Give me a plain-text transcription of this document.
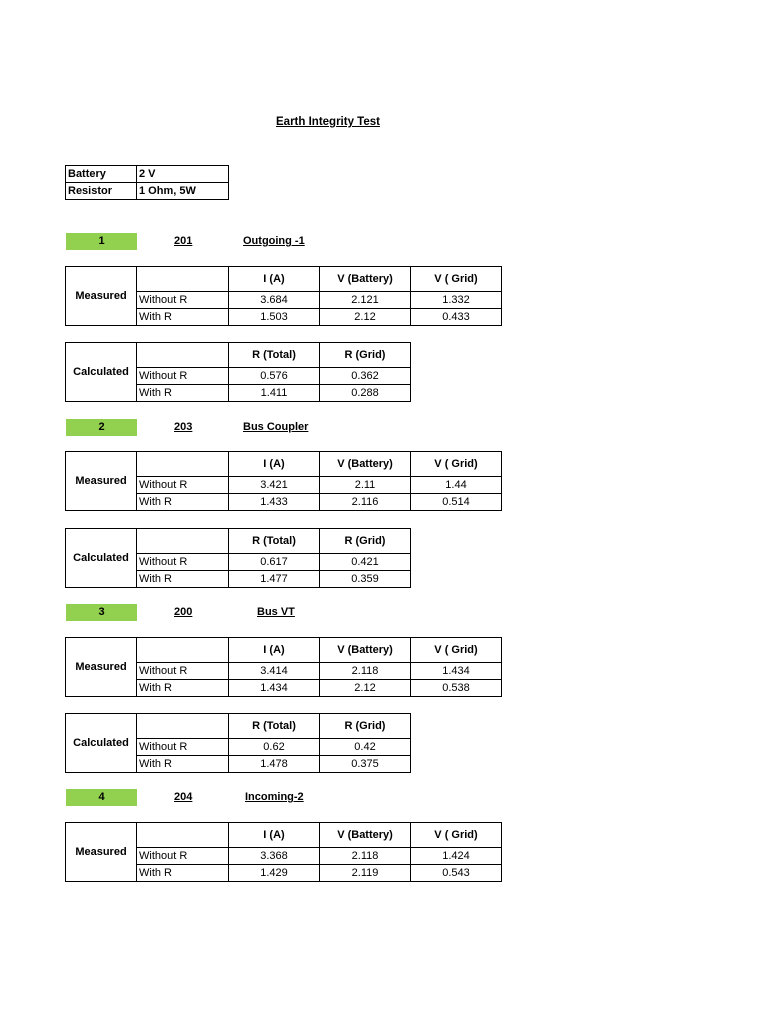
Earth Integrity Test
Battery	2 V
Resistor	1 Ohm, 5W
1	201	Outgoing -1
Measured		I (A)	V (Battery)	V ( Grid)
	Without R	3.684	2.121	1.332
	With R	1.503	2.12	0.433
Calculated		R (Total)	R (Grid)
	Without R	0.576	0.362
	With R	1.411	0.288
2	203	Bus Coupler
Measured		I (A)	V (Battery)	V ( Grid)
	Without R	3.421	2.11	1.44
	With R	1.433	2.116	0.514
Calculated		R (Total)	R (Grid)
	Without R	0.617	0.421
	With R	1.477	0.359
3	200	Bus VT
Measured		I (A)	V (Battery)	V ( Grid)
	Without R	3.414	2.118	1.434
	With R	1.434	2.12	0.538
Calculated		R (Total)	R (Grid)
	Without R	0.62	0.42
	With R	1.478	0.375
4	204	Incoming-2
Measured		I (A)	V (Battery)	V ( Grid)
	Without R	3.368	2.118	1.424
	With R	1.429	2.119	0.543
